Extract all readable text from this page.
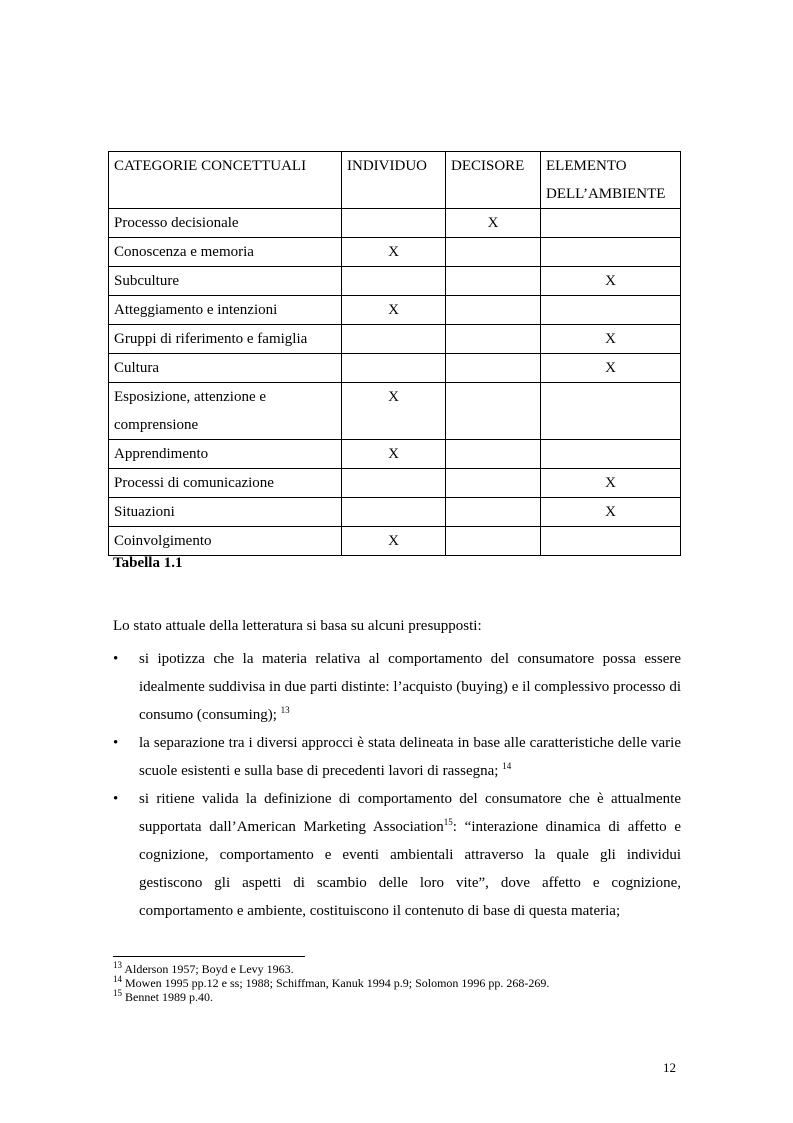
CATEGORIE CONCETTUALI	INDIVIDUO	DECISORE	ELEMENTO
DELL’AMBIENTE
Processo decisionale		X	
Conoscenza e memoria	X		
Subculture			X
Atteggiamento e intenzioni	X		
Gruppi di riferimento e famiglia			X
Cultura			X
Esposizione, attenzione e
comprensione	X		
Apprendimento	X		
Processi di comunicazione			X
Situazioni			X
Coinvolgimento	X		
Tabella 1.1
Lo stato attuale della letteratura si basa su alcuni presupposti:
• si ipotizza che la materia relativa al comportamento del consumatore possa essere idealmente suddivisa in due parti distinte: l’acquisto (buying) e il complessivo processo di consumo (consuming); $^{13}$
• la separazione tra i diversi approcci è stata delineata in base alle caratteristiche delle varie scuole esistenti e sulla base di precedenti lavori di rassegna; $^{14}$
• si ritiene valida la definizione di comportamento del consumatore che è attualmente supportata dall’American Marketing Association$^{15}$: “interazione dinamica di affetto e cognizione, comportamento e eventi ambientali attraverso la quale gli individui gestiscono gli aspetti di scambio delle loro vite”, dove affetto e cognizione, comportamento e ambiente, costituiscono il contenuto di base di questa materia;
$^{13}$ Alderson 1957; Boyd e Levy 1963.
$^{14}$ Mowen 1995 pp.12 e ss; 1988; Schiffman, Kanuk 1994 p.9; Solomon 1996 pp. 268-269.
$^{15}$ Bennet 1989 p.40.
12
